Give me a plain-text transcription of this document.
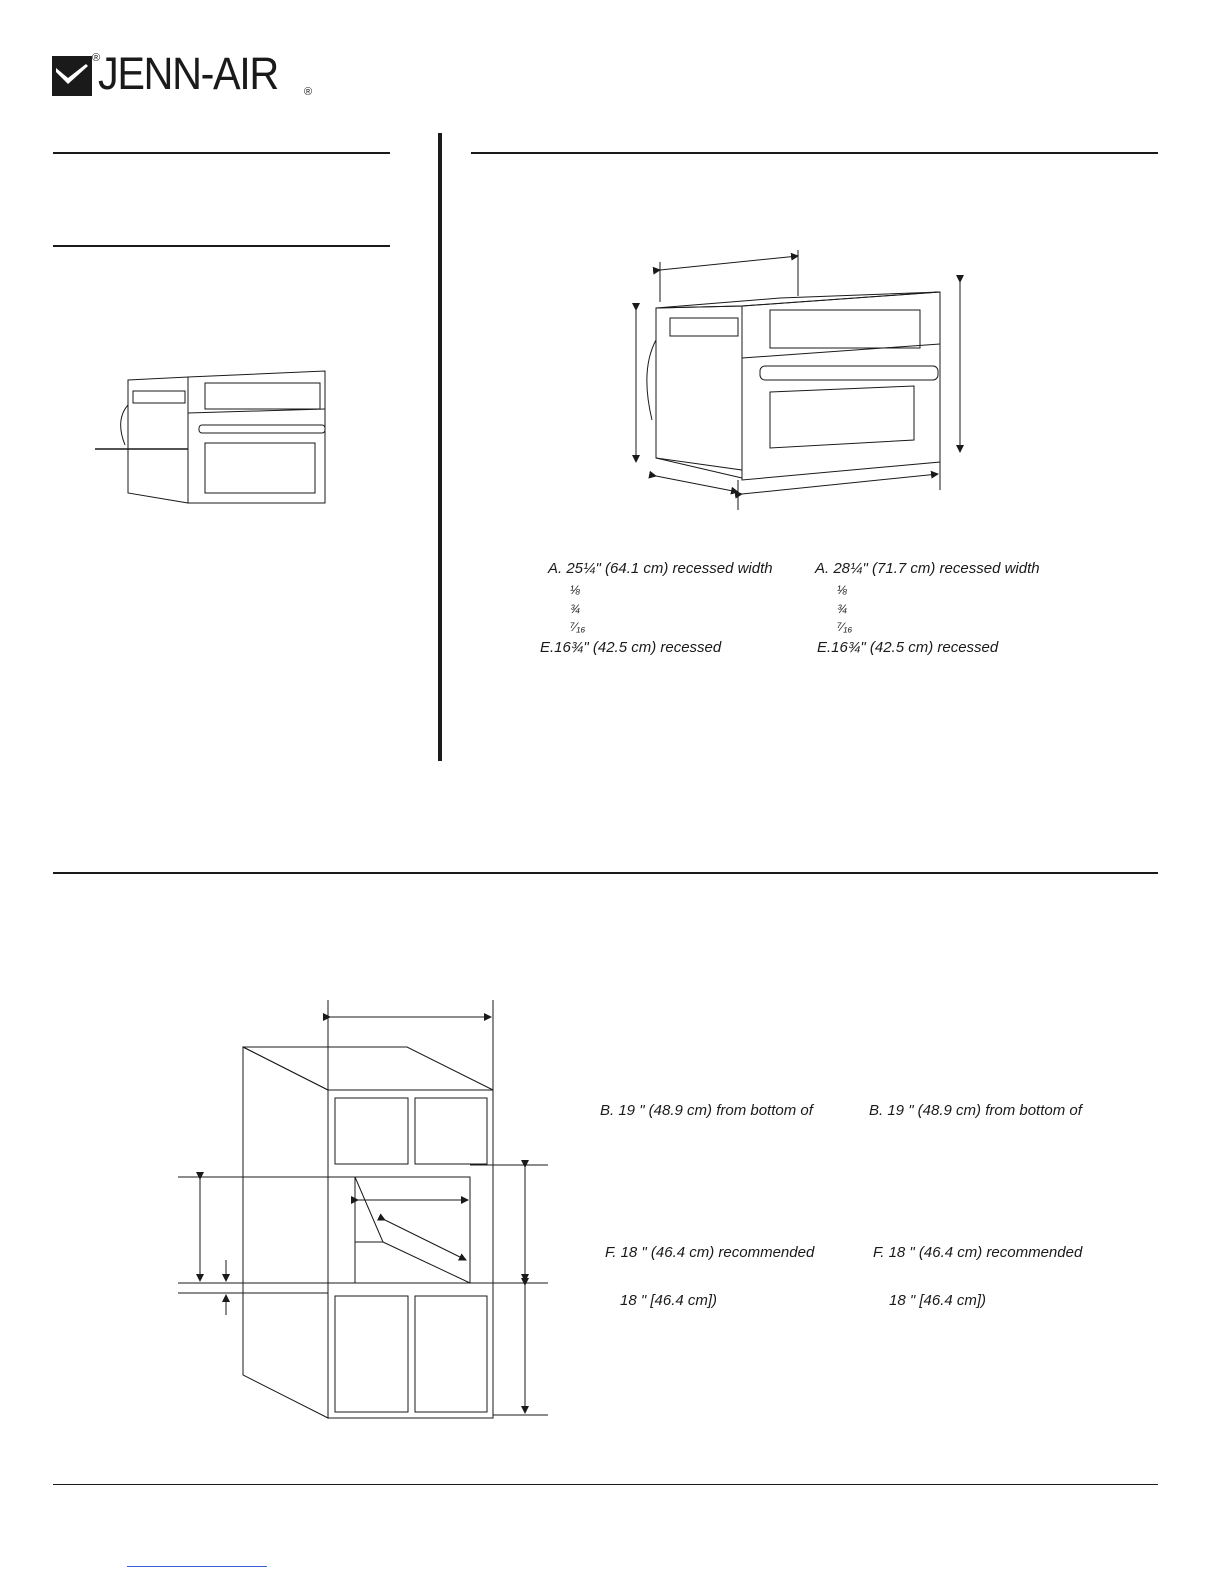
®
JENN-AIR ®
A. 25¼" (64.1 cm) recessed width
⅛
¾
⁷⁄₁₆
E.16¾" (42.5 cm) recessed
A. 28¼" (71.7 cm) recessed width
⅛
¾
⁷⁄₁₆
E.16¾" (42.5 cm) recessed
B. 19 " (48.9 cm) from bottom of
F. 18 " (46.4 cm) recommended
18 " [46.4 cm])
B. 19 " (48.9 cm) from bottom of
F. 18 " (46.4 cm) recommended
18 " [46.4 cm])
